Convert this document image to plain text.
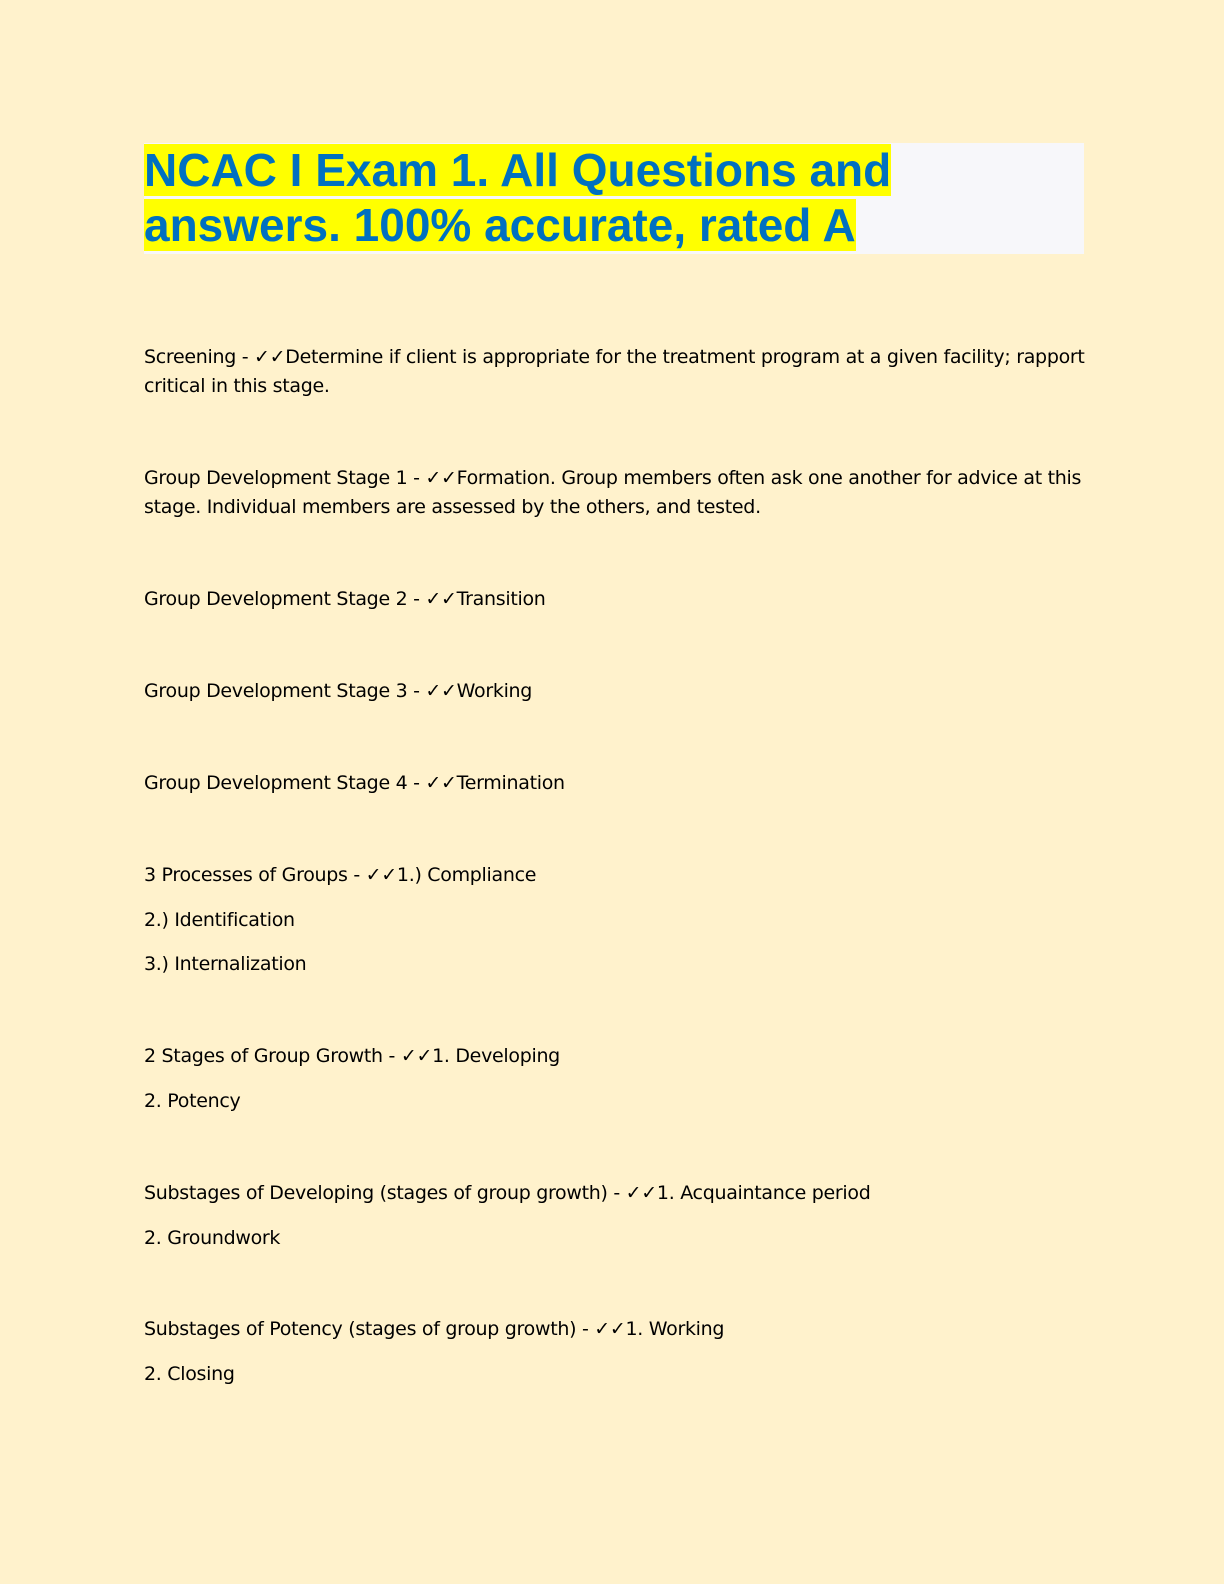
NCAC I Exam 1. All Questions and
answers. 100% accurate, rated A
Screening - ✓✓Determine if client is appropriate for the treatment program at a given facility; rapport
critical in this stage.
Group Development Stage 1 - ✓✓Formation. Group members often ask one another for advice at this
stage. Individual members are assessed by the others, and tested.
Group Development Stage 2 - ✓✓Transition
Group Development Stage 3 - ✓✓Working
Group Development Stage 4 - ✓✓Termination
3 Processes of Groups - ✓✓1.) Compliance
2.) Identification
3.) Internalization
2 Stages of Group Growth - ✓✓1. Developing
2. Potency
Substages of Developing (stages of group growth) - ✓✓1. Acquaintance period
2. Groundwork
Substages of Potency (stages of group growth) - ✓✓1. Working
2. Closing
